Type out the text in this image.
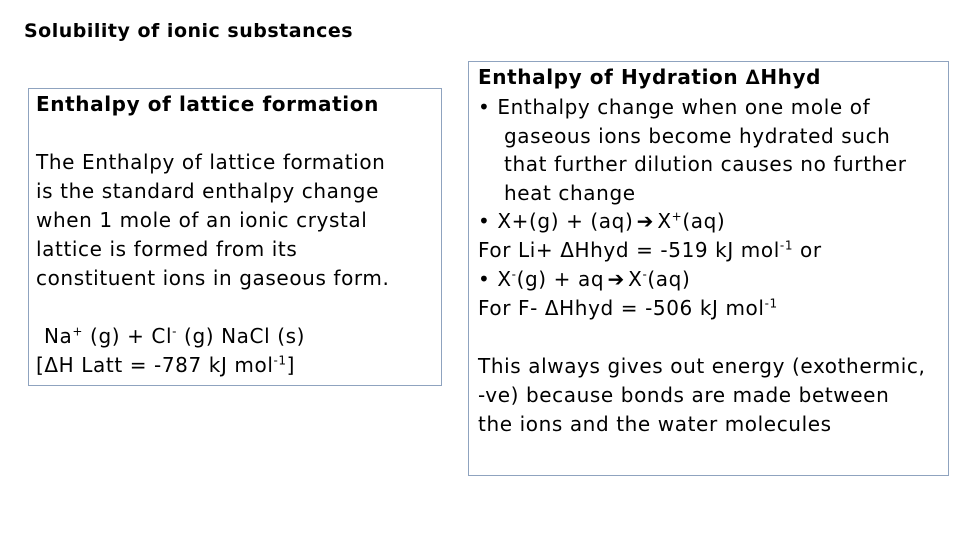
Solubility of ionic substances
Enthalpy of lattice formation
The Enthalpy of lattice formation
is the standard enthalpy change
when 1 mole of an ionic crystal
lattice is formed from its
constituent ions in gaseous form.
Na+ (g) + Cl- (g) NaCl (s)
[ΔH Latt = -787 kJ mol$^{-1}$]
Enthalpy of Hydration ∆Hhyd
• Enthalpy change when one mole of
gaseous ions become hydrated such
that further dilution causes no further
heat change
• X+(g) + (aq) ➔ X+(aq)
For Li+ ΔHhyd = -519 kJ mol$^{-1}$ or
• X-(g) + aq ➔ X-(aq)
For F- ΔHhyd = -506 kJ mol$^{-1}$
This always gives out energy (exothermic,
-ve) because bonds are made between
the ions and the water molecules
